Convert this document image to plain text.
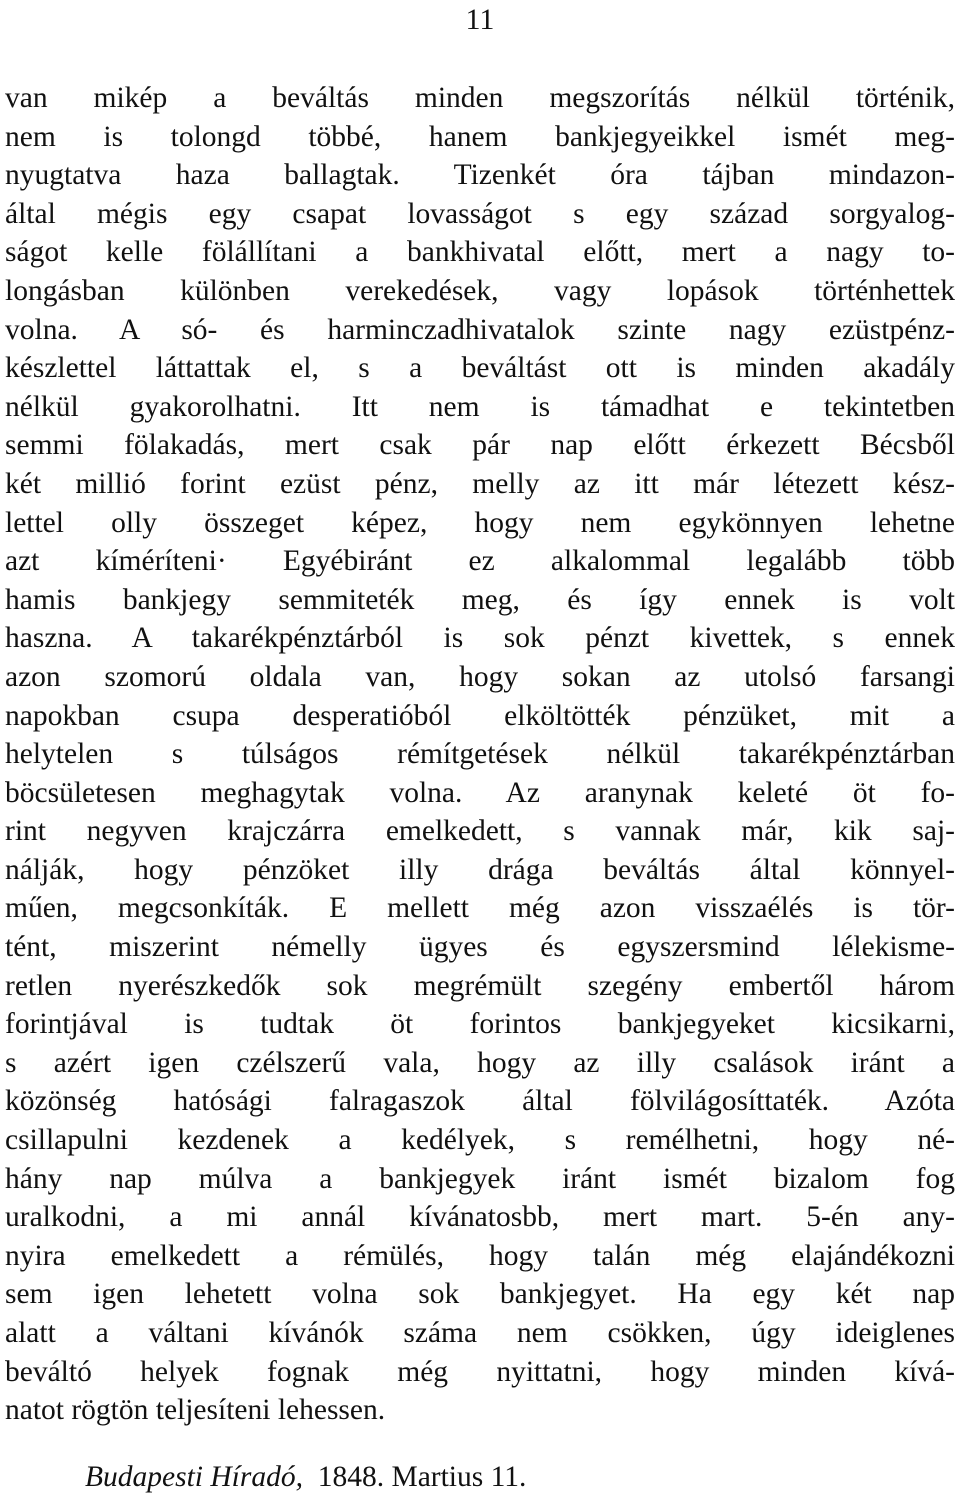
11
van mikép a beváltás minden megszorítás nélkül történik,
nem is tolongd többé, hanem bankjegyeikkel ismét meg-
nyugtatva haza ballagtak. Tizenkét óra tájban mindazon-
által mégis egy csapat lovasságot s egy század sorgyalog-
ságot kelle fölállítani a bankhivatal előtt, mert a nagy to-
longásban különben verekedések, vagy lopások történhettek
volna. A só- és harminczadhivatalok szinte nagy ezüstpénz-
készlettel láttattak el, s a beváltást ott is minden akadály
nélkül gyakorolhatni. Itt nem is támadhat e tekintetben
semmi fölakadás, mert csak pár nap előtt érkezett Bécsből
két millió forint ezüst pénz, melly az itt már létezett kész-
lettel olly összeget képez, hogy nem egykönnyen lehetne
azt kíméríteni· Egyébiránt ez alkalommal legalább több
hamis bankjegy semmiteték meg, és így ennek is volt
haszna. A takarékpénztárból is sok pénzt kivettek, s ennek
azon szomorú oldala van, hogy sokan az utolsó farsangi
napokban csupa desperatióból elköltötték pénzüket, mit a
helytelen s túlságos rémítgetések nélkül takarékpénztárban
böcsületesen meghagytak volna. Az aranynak keleté öt fo-
rint negyven krajczárra emelkedett, s vannak már, kik saj-
nálják, hogy pénzöket illy drága beváltás által könnyel-
műen, megcsonkíták. E mellett még azon visszaélés is tör-
tént, miszerint némelly ügyes és egyszersmind lélekisme-
retlen nyerészkedők sok megrémült szegény embertől három
forintjával is tudtak öt forintos bankjegyeket kicsikarni,
s azért igen czélszerű vala, hogy az illy csalások iránt a
közönség hatósági falragaszok által fölvilágosíttaték. Azóta
csillapulni kezdenek a kedélyek, s remélhetni, hogy né-
hány nap múlva a bankjegyek iránt ismét bizalom fog
uralkodni, a mi annál kívánatosbb, mert mart. 5-én any-
nyira emelkedett a rémülés, hogy talán még elajándékozni
sem igen lehetett volna sok bankjegyet. Ha egy két nap
alatt a váltani kívánók száma nem csökken, úgy ideiglenes
beváltó helyek fognak még nyittatni, hogy minden kívá-
natot rögtön teljesíteni lehessen.
Budapesti Híradó, 1848. Martius 11.
